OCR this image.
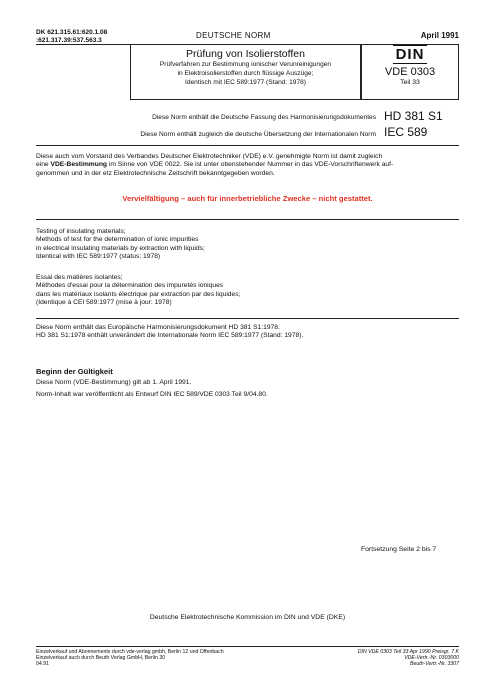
DK 621.315.61:620.1.08
:621.317.39:537.563.3
DEUTSCHE NORM	April 1991
Prüfung von Isolierstoffen
Prüfverfahren zur Bestimmung ionischer Verunreinigungen
in Elektroisolierstoffen durch flüssige Auszüge;
Identisch mit IEC 589:1977 (Stand: 1978)
DIN
VDE 0303
Teil 33
Diese Norm enthält die Deutsche Fassung des Harmonisierungsdokumentes HD 381 S1
Diese Norm enthält zugleich die deutsche Übersetzung der Internationalen Norm IEC 589
Diese auch vom Vorstand des Verbandes Deutscher Elektrotechniker (VDE) e.V. genehmigte Norm ist damit zugleich
eine VDE-Bestimmung im Sinne von VDE 0022. Sie ist unter obenstehender Nummer in das VDE-Vorschriftenwerk auf-
genommen und in der etz Elektrotechnische Zeitschrift bekanntgegeben worden.
Vervielfältigung – auch für innerbetriebliche Zwecke – nicht gestattet.
Testing of insulating materials;
Methods of test for the determination of ionic impurities
in electrical insulating materials by extraction with liquids;
Identical with IEC 589:1977 (status: 1978)
Essai des matières isolantes;
Méthodes d'essai pour la détermination des impuretés ioniques
dans les matériaux isolants électrique par extraction par des liquides;
(Identique à CEI 589:1977 (mise à jour: 1978)
Diese Norm enthält das Europäische Harmonisierungsdokument HD 381 S1:1978.
HD 381 S1:1978 enthält unverändert die Internationale Norm IEC 589:1977 (Stand: 1978).
Beginn der Gültigkeit
Diese Norm (VDE-Bestimmung) gilt ab 1. April 1991.
Norm-Inhalt war veröffentlicht als Entwurf DIN IEC 589/VDE 0303 Teil 9/04.80.
Fortsetzung Seite 2 bis 7
Deutsche Elektrotechnische Kommission im DIN und VDE (DKE)
Einzelverkauf und Abonnements durch vde-verlag gmbh, Berlin 12 und Offenbach
Einzelverkauf auch durch Beuth Verlag GmbH, Berlin 30
04.91
DIN VDE 0303 Teil 33 Apr 1990 Preisgr. 7 K
VDE-Vertr.-Nr. 0303000
Beuth-Vertr.-Nr. 3307
